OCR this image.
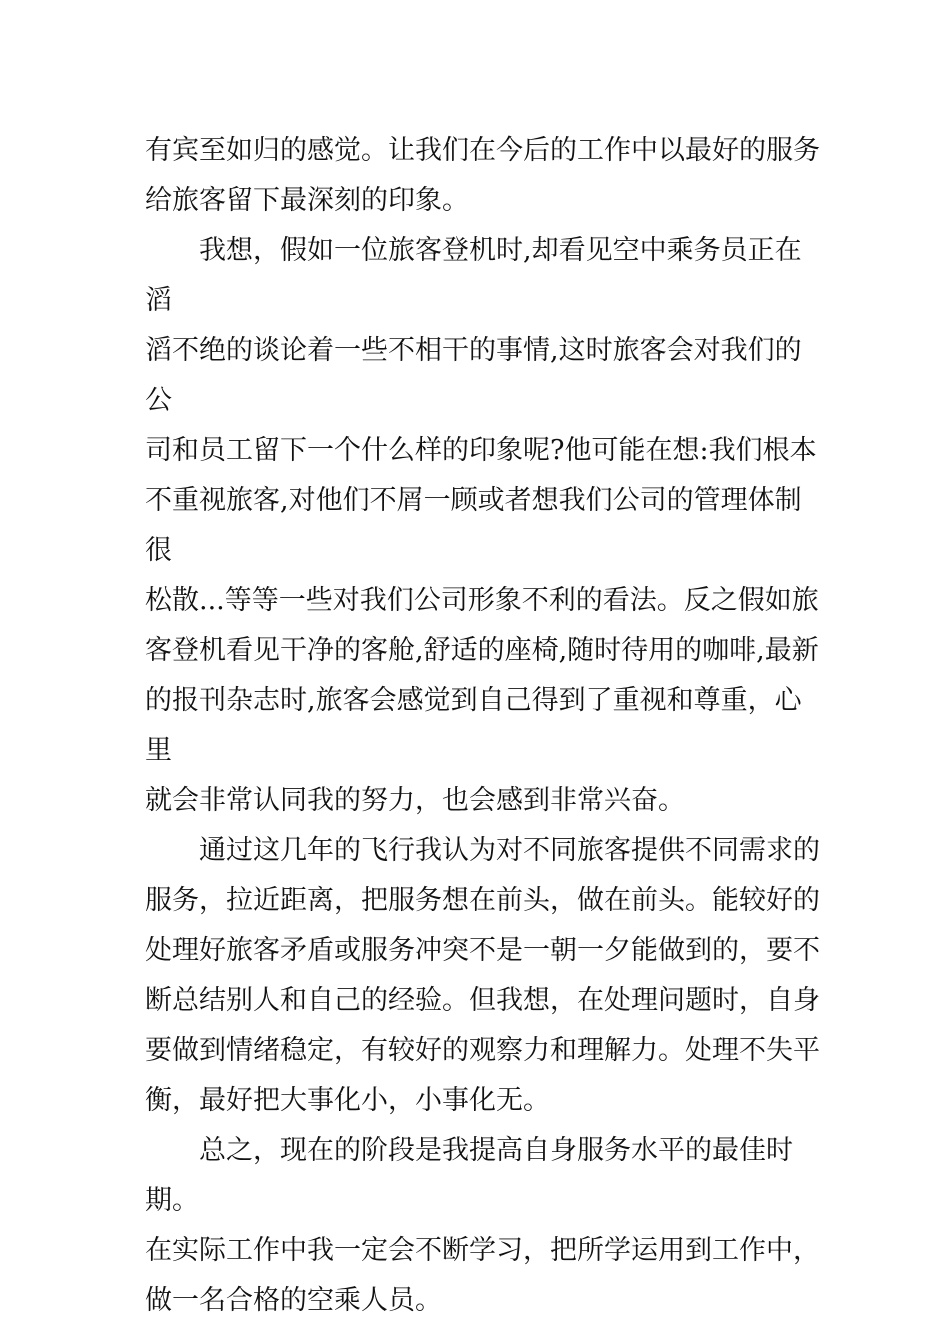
有宾至如归的感觉。让我们在今后的工作中以最好的服务
给旅客留下最深刻的印象。

　　我想，假如一位旅客登机时,却看见空中乘务员正在滔
滔不绝的谈论着一些不相干的事情,这时旅客会对我们的公
司和员工留下一个什么样的印象呢?他可能在想:我们根本
不重视旅客,对他们不屑一顾或者想我们公司的管理体制很
松散...等等一些对我们公司形象不利的看法。反之假如旅
客登机看见干净的客舱,舒适的座椅,随时待用的咖啡,最新
的报刊杂志时,旅客会感觉到自己得到了重视和尊重，心里
就会非常认同我的努力，也会感到非常兴奋。

　　通过这几年的飞行我认为对不同旅客提供不同需求的
服务，拉近距离，把服务想在前头，做在前头。能较好的
处理好旅客矛盾或服务冲突不是一朝一夕能做到的，要不
断总结别人和自己的经验。但我想，在处理问题时，自身
要做到情绪稳定，有较好的观察力和理解力。处理不失平
衡，最好把大事化小，小事化无。

　　总之，现在的阶段是我提高自身服务水平的最佳时期。
在实际工作中我一定会不断学习，把所学运用到工作中，
做一名合格的空乘人员。
